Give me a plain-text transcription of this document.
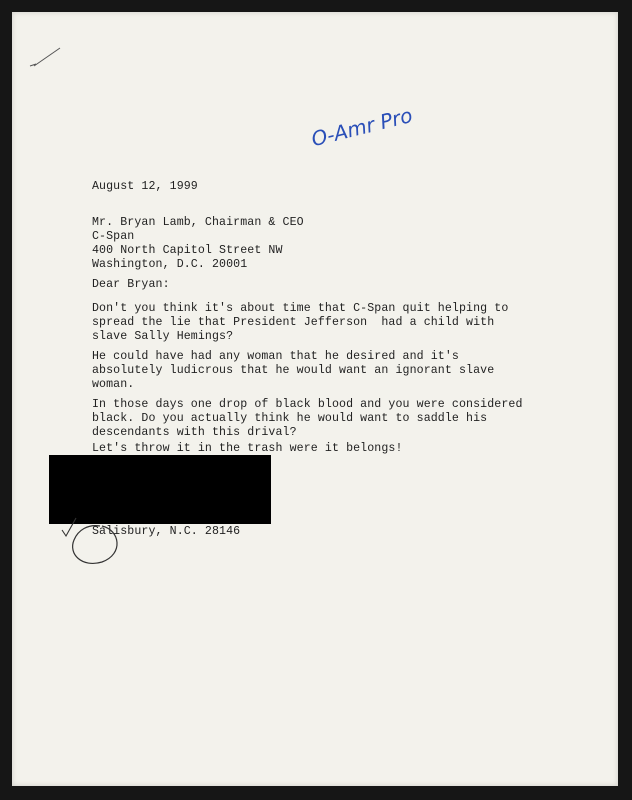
O-Amr Pro
August 12, 1999
Mr. Bryan Lamb, Chairman & CEO
C-Span
400 North Capitol Street NW
Washington, D.C. 20001
Dear Bryan:
Don't you think it's about time that C-Span quit helping to
spread the lie that President Jefferson  had a child with
slave Sally Hemings?
He could have had any woman that he desired and it's
absolutely ludicrous that he would want an ignorant slave
woman.
In those days one drop of black blood and you were considered
black. Do you actually think he would want to saddle his
descendants with this drival?
Let's throw it in the trash were it belongs!
Salisbury, N.C. 28146
